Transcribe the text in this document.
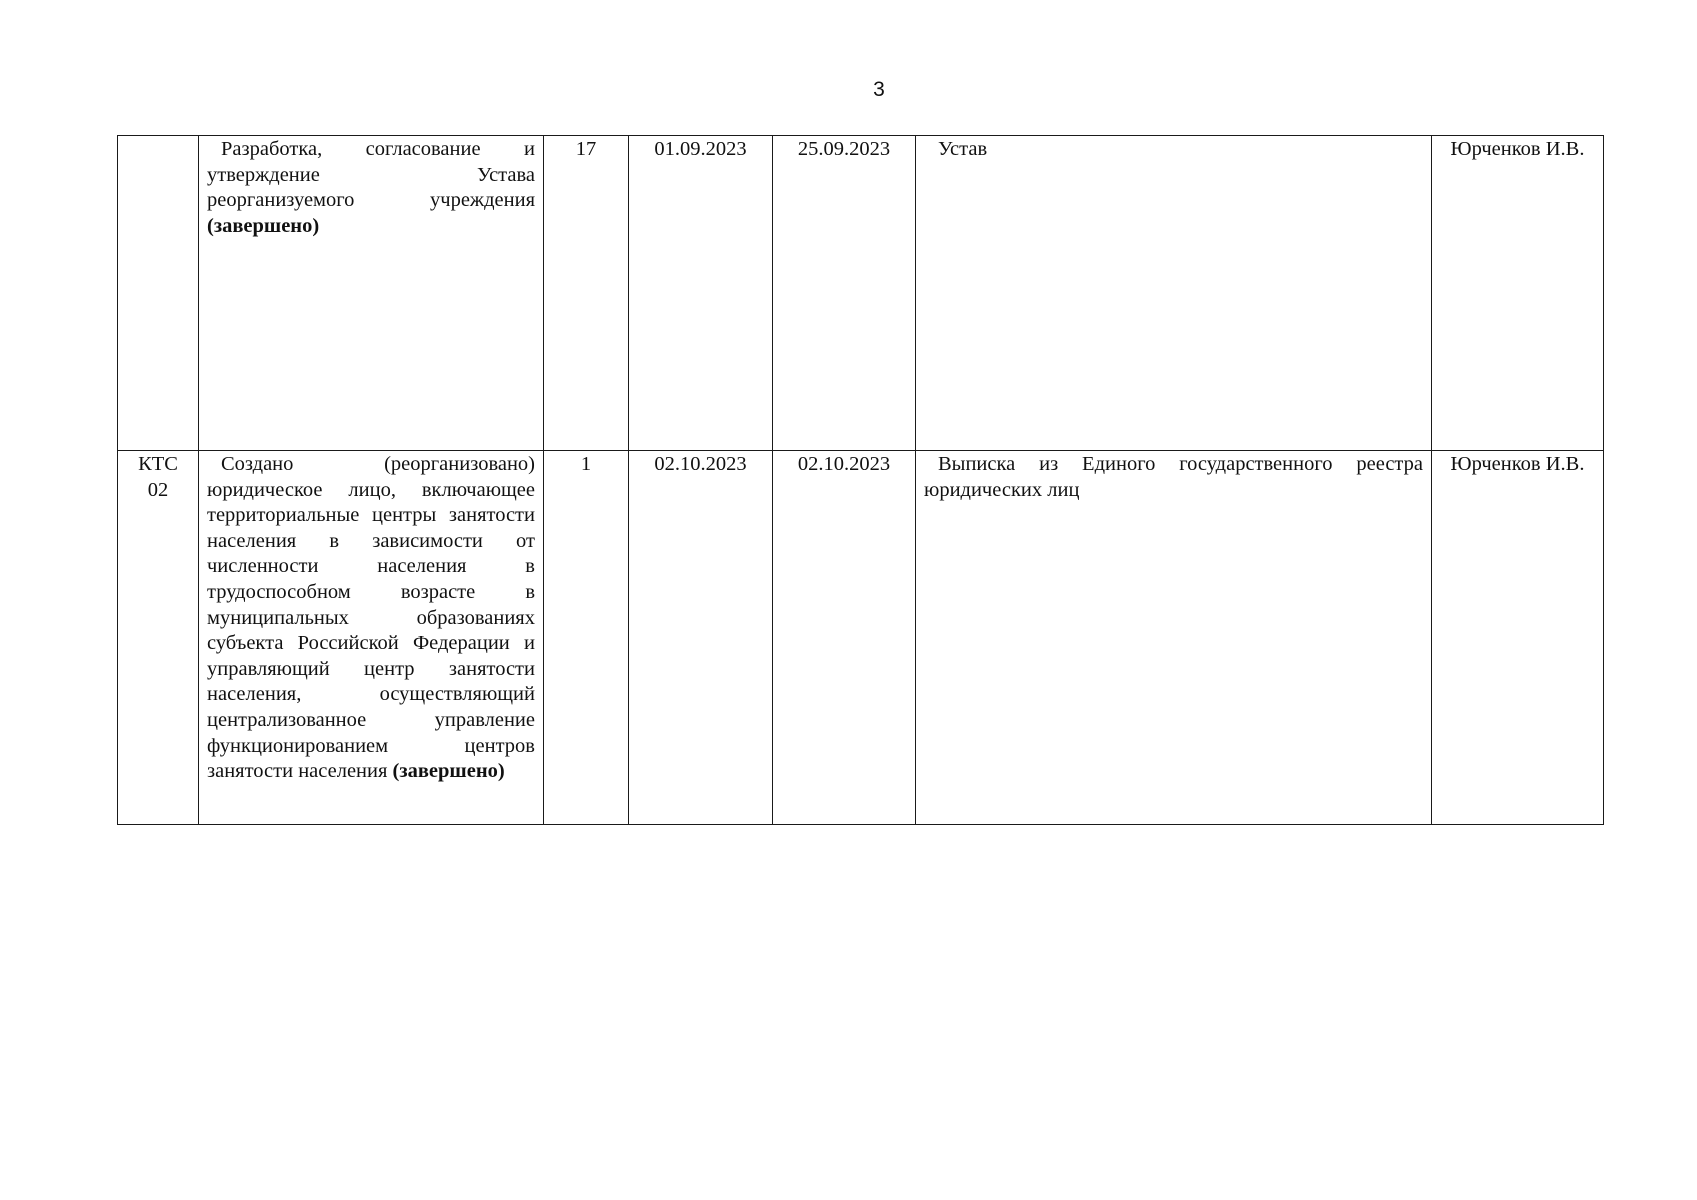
3
	Разработка, согласование и утверждение Устава реорганизуемого учреждения (завершено)	17	01.09.2023	25.09.2023	Устав	Юрченков И.В.
КТС 02	Создано (реорганизовано) юридическое лицо, включающее территориальные центры занятости населения в зависимости от численности населения в трудоспособном возрасте в муниципальных образованиях субъекта Российской Федерации и управляющий центр занятости населения, осуществляющий централизованное управление функционированием центров занятости населения (завершено)	1	02.10.2023	02.10.2023	Выписка из Единого государственного реестра юридических лиц	Юрченков И.В.
